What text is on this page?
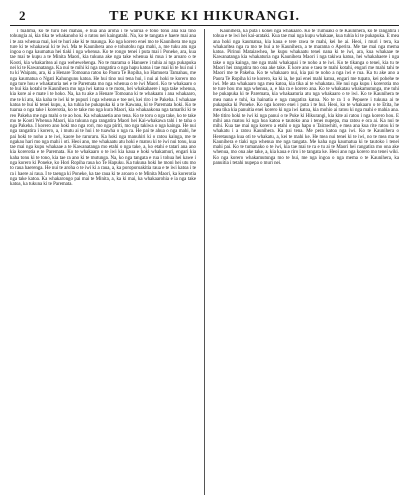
2	TE PUKE KI HIKURANGI.

i tualima, ko te turu hei mahau, e hua ana aroha i te wairua e tono tonu ana kia tino tohungia ai, kia tika te whakanoho ki o ratou nei kaingatahi. Na, ko te tangata e haere mai ana i te ara whenua mai, kei te huri ake ki te maunga. Ko nga korero enei mo te Kaunihera me nga ture ki te whakawai ki te iwi. Ma te Kaunihera ano e tohutohu nga mahi, a, me tuku atu nga ingoa o nga kaumatua hei tiaki i nga whenua. Ko te rongo tenei i puta mai i Poneke, ara, kua tae mai te kupu a te Minita Maori, kia tukuna ake nga take whenua ki mua i te aroaro o te Kooti, kia whakaritea ai nga wehewehenga. No te marama o Hanuere i tuhia ai nga pukapuka nei ki te Kawanatanga. Ka nui te mihi ki nga rangatira o nga hapu katoa i tae mai ki te hui nui i tu ki Waipatu, ara, ki a Henare Tomoana ratou ko Paora Te Ropiha, ko Hamuera Tamahau, me nga kaumatua o Ngati Kahungunu katoa. He hui tino nui tena hui, i nui ai hoki te korero mo nga ture hou e whakaturia nei e te Paremata mo nga whenua o te iwi Maori. Ko te whakaaro o te hui kia kotahi te Kaunihera mo nga iwi katoa o te motu, hei whakahaere i nga take whenua, kia kore ai e mate i te hoko. Na, ka tu ake a Henare Tomoana ki te whakaatu i ana whakaaro, me te ki atu, kia kaha te iwi ki te pupuri i nga whenua e toe nei, kei riro i te Pakeha. I whakaae katoa te hui ki tenei kupu, a, ka tuhia he pukapuka ki a te Kawana, ki te Paremata hoki. Ko te tuarua o nga take i korerotia, ko te take mo nga kura Maori, kia whakaakona nga tamariki ki te reo Pakeha me nga mahi o te ao hou. Ka whakaaetia ano tena. Ko te toru o nga take, ko te take mo te Kooti Whenua Maori, kia tukuna nga rangatira Maori hei Kai-whakawa tahi i te taha o nga Pakeha. I korero ano hoki mo nga rori, mo nga piriti, mo nga takiwa o nga kainga. He nui nga rangatira i korero, a, i mutu ai te hui i te tuawha o nga ra. He pai te ahua o nga mahi, he pai hoki te noho a te iwi, kaore he raruraru. Ka hoki nga manuhiri ki o ratou kainga, me te ngakau hari mo nga mahi i oti. Heoi ano, me whakaatu atu hoki e matou ki te iwi nui tonu, kua tae mai nga kupu whakaae a te Kawanatanga mo etahi o nga take, a, ko etahi e tatari ana ano kia korerotia e te Paremata. Ko te whakaaro o te iwi kia kaua e hoki whakamuri, engari kia kaha tonu ki te tono, kia tae ra ano ki te mutunga. Na, ko nga tangata e rua i tohua hei kawe i nga korero ki Poneke, ko Hori Ropiha raua ko Te Hapuku. Ka tukuna hoki he moni hei utu mo to raua haerenga. He nui te aroha o te iwi ki a raua, a, ka poroporoakitia raua e te iwi katoa i te ra i haere ai raua. I te taenga ki Poneke, ka tae raua ki te aroaro o te Minita Maori, ka korerotia nga take katoa. Ka whakarongo pai mai te Minita, a, ka ki mai, ka whakaarohia e ia nga take katoa, ka tukuna ki te Paremata.

Kaunihera, ka puta i konei nga whakaaro. Ko te Tumuaki o te Kaunihera, ko te rangatira i tohua e te iwi hei kai-arataki. Kua tae mai nga kupu whakaae, kua tuhia ki te pukapuka. E mea ana hoki nga kaumatua, kia kaua e tere rawa te mahi, kei he ai. Heoi, i muri i tera, ka whakaritea nga ra mo te hui a te Kaunihera, a te marama o Aperira. Me tae mai nga mema katoa. Pirinui Mataiawhea, he kupu whakaatu tenei nana ki te iwi, ara, kua whakaae te Kawanatanga kia whakaturia nga Kaunihera Maori i nga takiwa katoa, hei whakahaere i nga take o nga kainga, me nga mahi whakapai i te noho a te iwi. Ko te tikanga o tenei, kia tu te Maori hei rangatira mo ona ake take. E kore ano e taea te mahi kotahi, engari me mahi tahi te Maori me te Pakeha. Ko te whakaaro nui, kia pai te noho a nga iwi e rua. Ka tu ake ano a Paora Te Ropiha ki te korero, ka ki ia, he pai enei mahi katoa, engari me tupato, kei pohehe te iwi. Me ata whakaaro nga mea katoa, kia tika ai te whakatau. He nui nga kupu i korerotia mo te ture hou mo nga whenua, a, e hia ra e korero ana. Ko te whakatau whakamutunga, me tuhi he pukapuka ki te Paremata, kia whakaaturia atu nga whakaaro o te iwi. Ko te Kaunihera te mea nana e tuhi, ka hainatia e nga rangatira katoa. No te ra 1 o Pepuere i tukuna ai te pukapuka ki Poneke. Ko nga korero enei i puta i te hui. Heoi, ko te whakaaro o te Etita, he mea tika kia panuitia enei korero ki nga iwi katoa, kia mohio ai ratou ki nga mahi e mahia ana. Me titiro hoki te iwi ki nga panui o te Puke ki Hikurangi, kia kite ai ratou i nga korero hou. E mihi ana matou ki nga hoa katoa e tautoko ana i tenei nupepa, ma ratou e ora ai. Ka nui te mihi. Kua tae mai nga korero a etahi o nga hapu o Tairawhiti, e mea ana kua rite ratou ki te whakatu i a ratou Kaunihera. Ka pai tena. Me pera katoa nga iwi. Ko te Kaunihera o Heretaunga kua oti te whakatu, a, kei te mahi ke. He mea nui tenei ki te iwi, no te mea ma te Kaunihera e tiaki nga whenua me nga tangata. Me kaha nga kaumatua ki te tautoko i tenei mahi pai. Ko te tumanako o te iwi, kia tae mai te ra e tu ai te Maori hei rangatira mo ona ake whenua, mo ona ake take, a, kia kaua e riro i te tangata ke. Heoi ano nga korero mo tenei wiki. Ko nga korero whakamutunga mo te hui, me nga ingoa o nga mema o te Kaunihera, ka panuitia i tetahi nupepa o muri nei.
